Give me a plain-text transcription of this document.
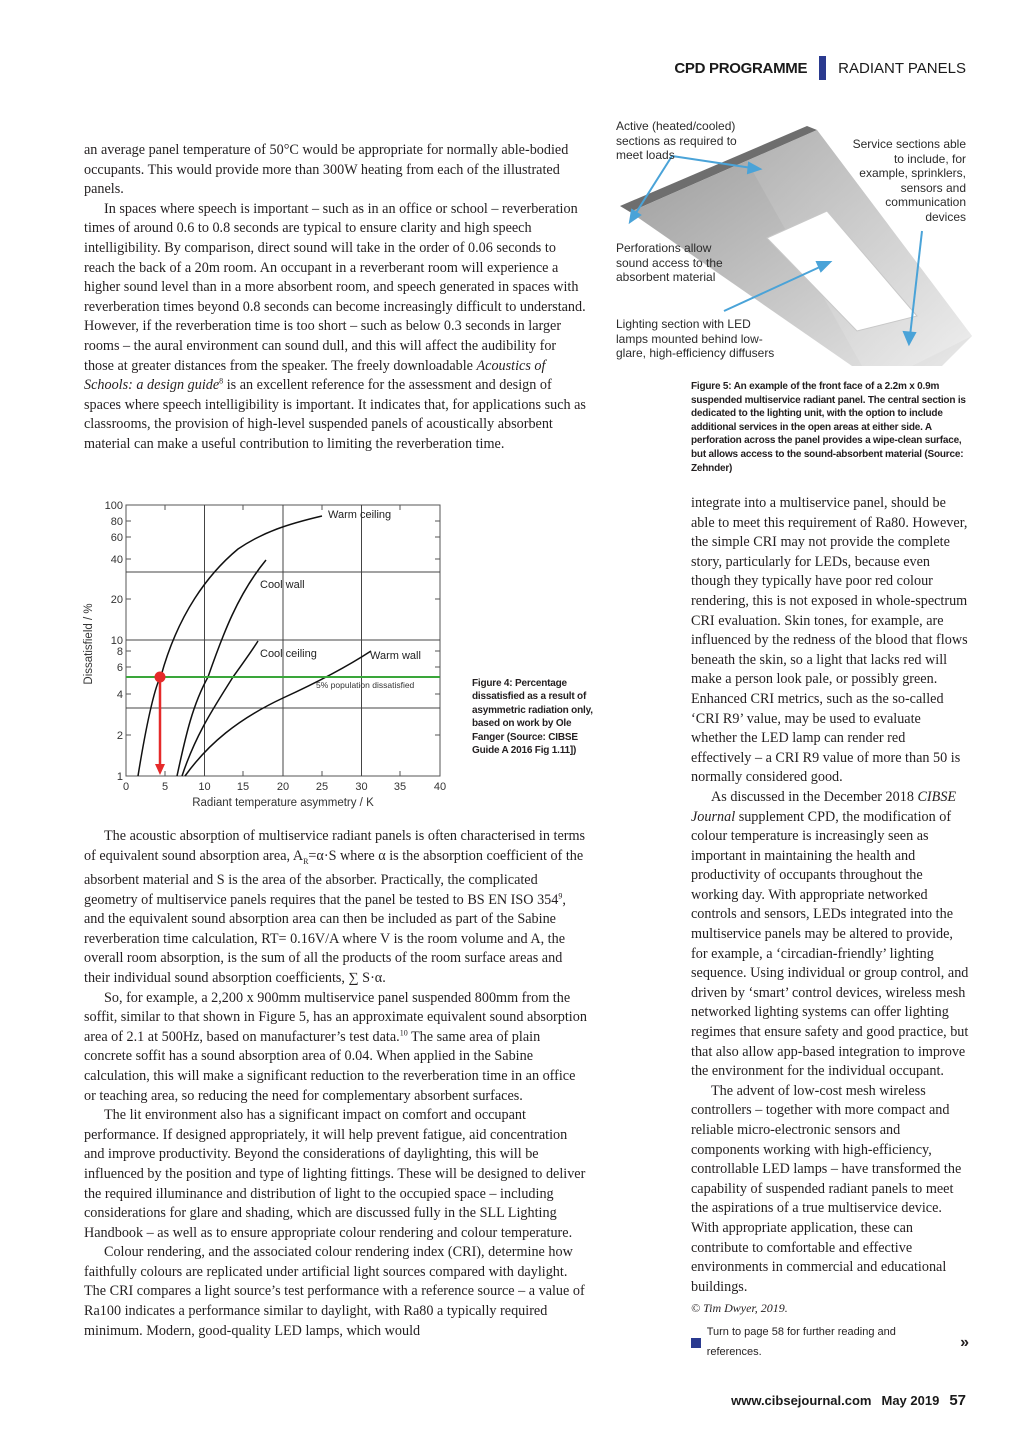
CPD PROGRAMME RADIANT PANELS

an average panel temperature of 50°C would be appropriate for normally able-bodied occupants. This would provide more than 300W heating from each of the illustrated panels.

In spaces where speech is important – such as in an office or school – reverberation times of around 0.6 to 0.8 seconds are typical to ensure clarity and high speech intelligibility. By comparison, direct sound will take in the order of 0.06 seconds to reach the back of a 20m room. An occupant in a reverberant room will experience a higher sound level than in a more absorbent room, and speech generated in spaces with reverberation times beyond 0.8 seconds can become increasingly difficult to understand. However, if the reverberation time is too short – such as below 0.3 seconds in larger rooms – the aural environment can sound dull, and this will affect the audibility for those at greater distances from the speaker. The freely downloadable Acoustics of Schools: a design guide$^8$ is an excellent reference for the assessment and design of spaces where speech intelligibility is important. It indicates that, for applications such as classrooms, the provision of high-level suspended panels of acoustically absorbent material can make a useful contribution to limiting the reverberation time.

Active (heated/cooled) sections as required to meet loads
Service sections able to include, for example, sprinklers, sensors and communication devices
Perforations allow sound access to the absorbent material
Lighting section with LED lamps mounted behind low-glare, high-efficiency diffusers
Figure 5: An example of the front face of a 2.2m x 0.9m suspended multiservice radiant panel. The central section is dedicated to the lighting unit, with the option to include additional services in the open areas at either side. A perforation across the panel provides a wipe-clean surface, but allows access to the sound-absorbent material (Source: Zehnder)
100
80
60
40
20
10
8
6
4
2
1
0	5	10 15	20 25 30 35	40
Radiant temperature asymmetry / K
Dissatisfield / %
5% population dissatisfied
Warm ceiling
Cool wall
Cool ceiling	Warm wall
Figure 4: Percentage dissatisfied as a result of asymmetric radiation only, based on work by Ole Fanger (Source: CIBSE Guide A 2016 Fig 1.11])

The acoustic absorption of multiservice radiant panels is often characterised in terms of equivalent sound absorption area, $A_R=\alpha\cdot S$ where α is the absorption coefficient of the absorbent material and S is the area of the absorber. Practically, the complicated geometry of multiservice panels requires that the panel be tested to BS EN ISO $354^9$, and the equivalent sound absorption area can then be included as part of the Sabine reverberation time calculation, RT= 0.16V/A where V is the room volume and A, the overall room absorption, is the sum of all the products of the room surface areas and their individual sound absorption coefficients, ∑ S·α.

So, for example, a 2,200 x 900mm multiservice panel suspended 800mm from the soffit, similar to that shown in Figure 5, has an approximate equivalent sound absorption area of 2.1 at 500Hz, based on manufacturer’s test data.$^{10}$ The same area of plain concrete soffit has a sound absorption area of 0.04. When applied in the Sabine calculation, this will make a significant reduction to the reverberation time in an office or teaching area, so reducing the need for complementary absorbent surfaces.

The lit environment also has a significant impact on comfort and occupant performance. If designed appropriately, it will help prevent fatigue, aid concentration and improve productivity. Beyond the considerations of daylighting, this will be influenced by the position and type of lighting fittings. These will be designed to deliver the required illuminance and distribution of light to the occupied space – including considerations for glare and shading, which are discussed fully in the SLL Lighting Handbook – as well as to ensure appropriate colour rendering and colour temperature.

Colour rendering, and the associated colour rendering index (CRI), determine how faithfully colours are replicated under artificial light sources compared with daylight. The CRI compares a light source’s test performance with a reference source – a value of Ra100 indicates a performance similar to daylight, with Ra80 a typically required minimum. Modern, good-quality LED lamps, which would

integrate into a multiservice panel, should be able to meet this requirement of Ra80. However, the simple CRI may not provide the complete story, particularly for LEDs, because even though they typically have poor red colour rendering, this is not exposed in whole-spectrum CRI evaluation. Skin tones, for example, are influenced by the redness of the blood that flows beneath the skin, so a light that lacks red will make a person look pale, or possibly green. Enhanced CRI metrics, such as the so-called ‘CRI R9’ value, may be used to evaluate whether the LED lamp can render red effectively – a CRI R9 value of more than 50 is normally considered good.

As discussed in the December 2018 CIBSE Journal supplement CPD, the modification of colour temperature is increasingly seen as important in maintaining the health and productivity of occupants throughout the working day. With appropriate networked controls and sensors, LEDs integrated into the multiservice panels may be altered to provide, for example, a ‘circadian-friendly’ lighting sequence. Using individual or group control, and driven by ‘smart’ control devices, wireless mesh networked lighting systems can offer lighting regimes that ensure safety and good practice, but that also allow app-based integration to improve the environment for the individual occupant.

The advent of low-cost mesh wireless controllers – together with more compact and reliable micro-electronic sensors and components working with high-efficiency, controllable LED lamps – have transformed the capability of suspended radiant panels to meet the aspirations of a true multiservice device. With appropriate application, these can contribute to comfortable and effective environments in commercial and educational buildings.

© Tim Dwyer, 2019.

Turn to page 58 for further reading and references.
»
www.cibsejournal.com May 2019 57
